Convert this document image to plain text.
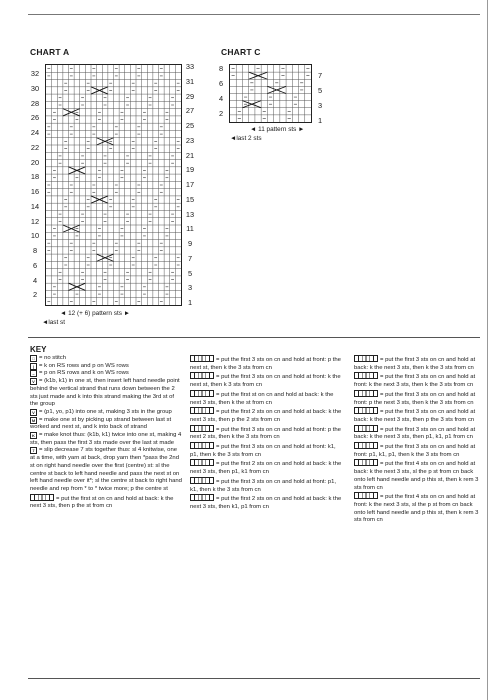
CHART A
32
30
28
26
24
22
20
18
16
14
12
10
8
6
4
2
33
31
29
27
25
23
21
19
17
15
13
11
9
7
5
3
1
◄ 12 (+ 6) pattern sts ►
◄last st
CHART C
8
6
4
2
7
5
3
1
◄ 11 pattern sts ►
◄last 2 sts
KEY
□ = no stitch
| = k on RS rows and p on WS rows
– = p on RS rows and k on WS rows
V = (k1b, k1) in one st, then insert left hand needle point behind the vertical strand that runs down between the 2 sts just made and k into this strand making the 3rd st of the group
V = (p1, yo, p1) into one st, making 3 sts in the group
M = make one st by picking up strand between last st worked and next st, and k into back of strand
K = make knot thus: (k1b, k1) twice into one st, making 4 sts, then pass the first 3 sts made over the last st made
7 = slip decrease 7 sts together thus: sl 4 knitwise, one at a time, with yarn at back, drop yarn then *pass the 2nd st on right hand needle over the first (centre) st: sl the centre st back to left hand needle and pass the next st on left hand needle over it*; sl the centre st back to right hand needle and rep from * to * twice more; p the centre st
= put the first st on cn and hold at back: k the next 3 sts, then p the st from cn
= put the first 3 sts on cn and hold at front: p the next st, then k the 3 sts from cn
= put the first 3 sts on cn and hold at front: k the next st, then k 3 sts from cn
= put the first st on cn and hold at back: k the next 3 sts, then k the st from cn
= put the first 2 sts on cn and hold at back: k the next 3 sts, then p the 2 sts from cn
= put the first 3 sts on cn and hold at front: p the next 2 sts, then k the 3 sts from cn
= put the first 3 sts on cn and hold at front: k1, p1, then k the 3 sts from cn
= put the first 2 sts on cn and hold at back: k the next 3 sts, then p1, k1 from cn
= put the first 3 sts on cn and hold at front: p1, k1, then k the 3 sts from cn
= put the first 2 sts on cn and hold at back: k the next 3 sts, then k1, p1 from cn
= put the first 3 sts on cn and hold at back: k the next 3 sts, then k the 3 sts from cn
= put the first 3 sts on cn and hold at front: k the next 3 sts, then k the 3 sts from cn
= put the first 3 sts on cn and hold at front: p the next 3 sts, then k the 3 sts from cn
= put the first 3 sts on cn and hold at back: k the next 3 sts, then p the 3 sts from cn
= put the first 3 sts on cn and hold at back: k the next 3 sts, then p1, k1, p1 from cn
= put the first 3 sts on cn and hold at front: p1, k1, p1, then k the 3 sts from cn
= put the first 4 sts on cn and hold at back: k the next 3 sts, sl the p st from cn back onto left hand needle and p this st, then k rem 3 sts from cn
= put the first 4 sts on cn and hold at front: k the next 3 sts, sl the p st from cn back onto left hand needle and p this st, then k rem 3 sts from cn
